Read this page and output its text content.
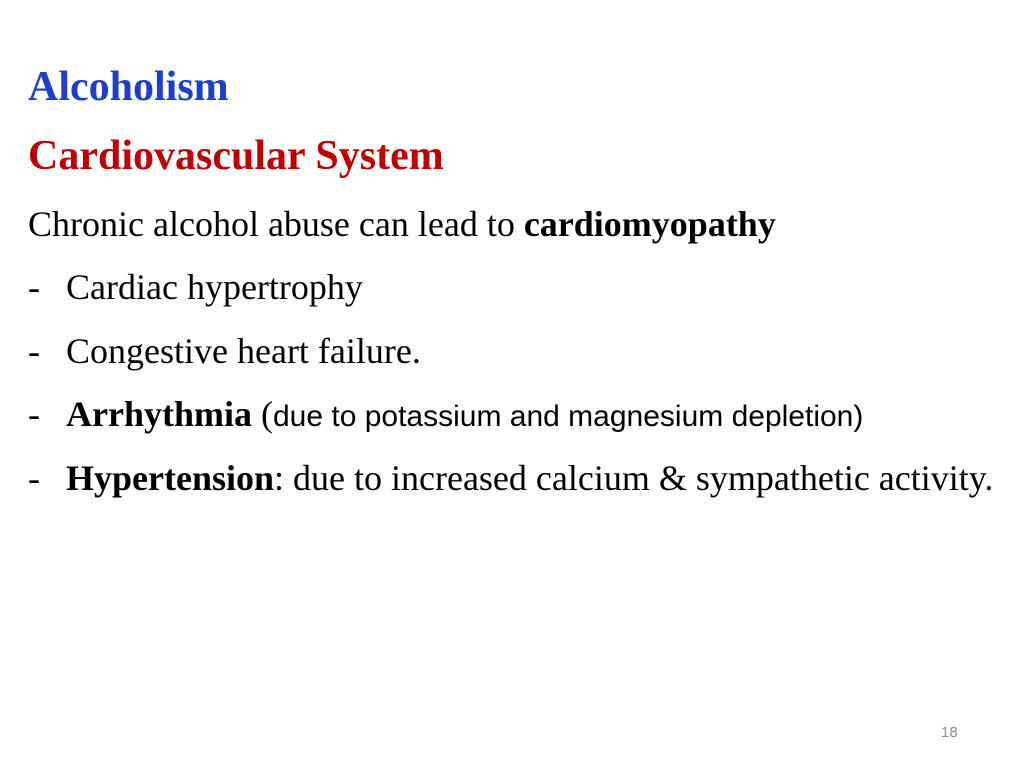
Alcoholism
Cardiovascular System
Chronic alcohol abuse can lead to cardiomyopathy
- Cardiac hypertrophy
- Congestive heart failure.
- Arrhythmia (due to potassium and magnesium depletion)
- Hypertension: due to increased calcium & sympathetic activity.
18
